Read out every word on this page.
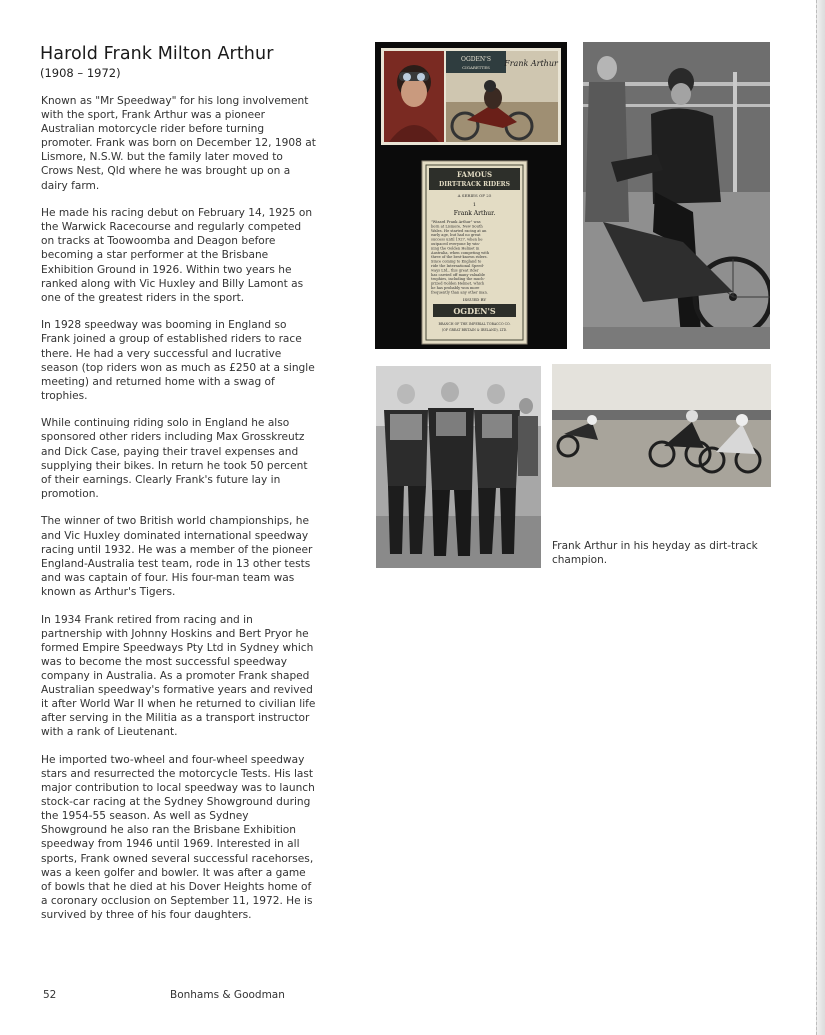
Harold Frank Milton Arthur
(1908 – 1972)

Known as "Mr Speedway" for his long involvement with the sport, Frank Arthur was a pioneer Australian motorcycle rider before turning promoter. Frank was born on December 12, 1908 at Lismore, N.S.W. but the family later moved to Crows Nest, Qld where he was brought up on a dairy farm.

He made his racing debut on February 14, 1925 on the Warwick Racecourse and regularly competed on tracks at Toowoomba and Deagon before becoming a star performer at the Brisbane Exhibition Ground in 1926. Within two years he ranked along with Vic Huxley and Billy Lamont as one of the greatest riders in the sport.

In 1928 speedway was booming in England so Frank joined a group of established riders to race there. He had a very successful and lucrative season (top riders won as much as £250 at a single meeting) and returned home with a swag of trophies.

While continuing riding solo in England he also sponsored other riders including Max Grosskreutz and Dick Case, paying their travel expenses and supplying their bikes. In return he took 50 percent of their earnings. Clearly Frank's future lay in promotion.

The winner of two British world championships, he and Vic Huxley dominated international speedway racing until 1932. He was a member of the pioneer England-Australia test team, rode in 13 other tests and was captain of four. His four-man team was known as Arthur's Tigers.

In 1934 Frank retired from racing and in partnership with Johnny Hoskins and Bert Pryor he formed Empire Speedways Pty Ltd in Sydney which was to become the most successful speedway company in Australia. As a promoter Frank shaped Australian speedway's formative years and revived it after World War II when he returned to civilian life after serving in the Militia as a transport instructor with a rank of Lieutenant.

He imported two-wheel and four-wheel speedway stars and resurrected the motorcycle Tests. His last major contribution to local speedway was to launch stock-car racing at the Sydney Showground during the 1954-55 season. As well as Sydney Showground he also ran the Brisbane Exhibition speedway from 1946 until 1969. Interested in all sports, Frank owned several successful racehorses, was a keen golfer and bowler. It was after a game of bowls that he died at his Dover Heights home of a coronary occlusion on September 11, 1972. He is survived by three of his four daughters.

OGDEN'S
CIGARETTES Frank Arthur
FAMOUS
DIRT-TRACK RIDERS
A SERIES OF 25
1
Frank Arthur.
"Wizard Frank Arthur" was
born at Lismore, New South
Wales. He started racing at an
early age, but had no great
success until 1927, when he
outpaced everyone by win-
ning the Golden Helmet in
Australia, when competing with
three of the best-known riders.
Since coming to England to
ride the International Speed-
ways Ltd., this great rider
has carried off many valuable
trophies, including the much-
prized Golden Helmet, which
he has probably won more
frequently than any other man.
ISSUED BY
OGDEN'S
BRANCH OF THE IMPERIAL TOBACCO CO.
(OF GREAT BRITAIN & IRELAND), LTD.
Frank Arthur in his heyday as dirt-track champion.
52	Bonhams & Goodman
